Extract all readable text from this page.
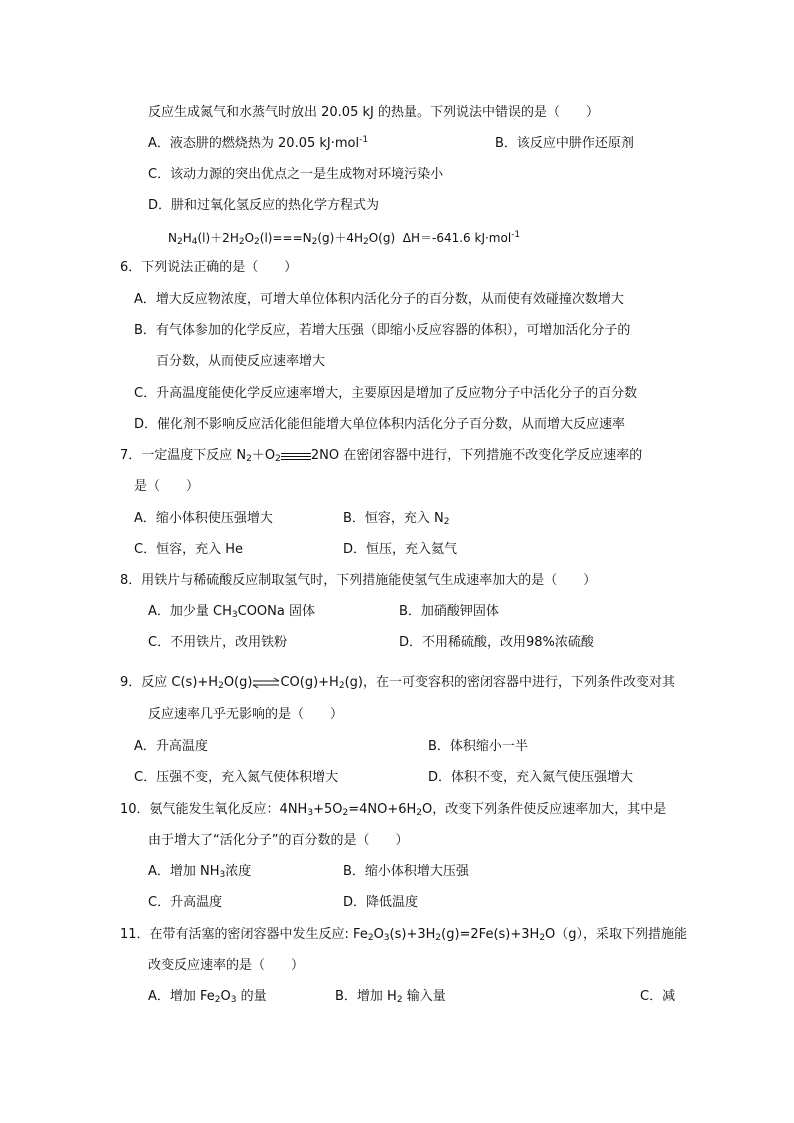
反应生成氮气和水蒸气时放出 20.05 kJ 的热量。下列说法中错误的是（　　）
A．液态肼的燃烧热为 20.05 kJ·mol$^{-1}$	B．该反应中肼作还原剂
C．该动力源的突出优点之一是生成物对环境污染小
D．肼和过氧化氢反应的热化学方程式为
$N_2H_4(l)+2H_2O_2(l)===N_2(g)+4H_2O(g)$  ΔH＝-641.6 kJ·mol$^{-1}$
6．下列说法正确的是（　　）
A．增大反应物浓度，可增大单位体积内活化分子的百分数，从而使有效碰撞次数增大
B．有气体参加的化学反应，若增大压强（即缩小反应容器的体积），可增加活化分子的
百分数，从而使反应速率增大
C．升高温度能使化学反应速率增大，主要原因是增加了反应物分子中活化分子的百分数
D．催化剂不影响反应活化能但能增大单位体积内活化分子百分数，从而增大反应速率
7．一定温度下反应 $N_2+O_2$ 2NO 在密闭容器中进行，下列措施不改变化学反应速率的
是（　　）
A．缩小体积使压强增大	B．恒容，充入 $N_2$
C．恒容，充入 He	D．恒压，充入氦气
8．用铁片与稀硫酸反应制取氢气时，下列措施能使氢气生成速率加大的是（　　）
A．加少量 $CH_3COONa$ 固体	B．加硝酸钾固体
C．不用铁片，改用铁粉	D．不用稀硫酸，改用98%浓硫酸
9．反应 $C(s)+H_2O(g)\rightleftharpoons CO(g)+H_2(g)$，在一可变容积的密闭容器中进行，下列条件改变对其
反应速率几乎无影响的是（　　）
A．升高温度	B．体积缩小一半
C．压强不变，充入氮气使体积增大	D．体积不变，充入氮气使压强增大
10．氨气能发生氧化反应：$4NH_3+5O_2=4NO+6H_2O$，改变下列条件使反应速率加大，其中是
由于增大了“活化分子”的百分数的是（　　）
A．增加 $NH_3$浓度	B．缩小体积增大压强
C．升高温度	D．降低温度
11．在带有活塞的密闭容器中发生反应: $Fe_2O_3(s)+3H_2(g)=2Fe(s)+3H_2O(g)$，采取下列措施能
改变反应速率的是（　　）
A．增加 $Fe_2O_3$ 的量	B．增加 $H_2$ 输入量	C．减
